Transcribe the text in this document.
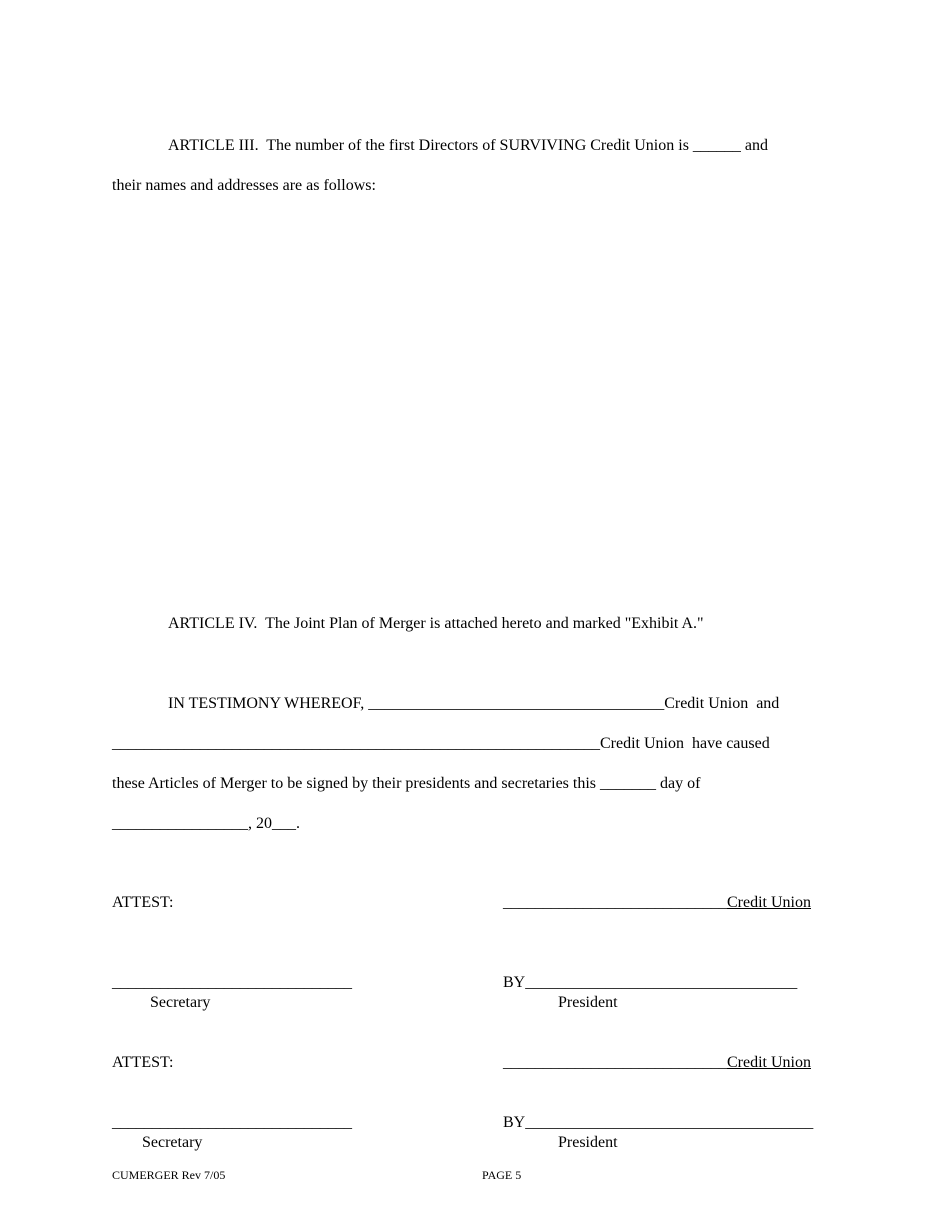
ARTICLE III.  The number of the first Directors of SURVIVING Credit Union is ______ and
their names and addresses are as follows:
ARTICLE IV.  The Joint Plan of Merger is attached hereto and marked "Exhibit A."
IN TESTIMONY WHEREOF, _____________________________________Credit Union  and
_____________________________________________________________Credit Union  have caused
these Articles of Merger to be signed by their presidents and secretaries this _______ day of
_________________, 20___.
ATTEST:	____________________________Credit Union
______________________________
Secretary
BY__________________________________
President
ATTEST:	____________________________Credit Union
______________________________
Secretary
BY____________________________________
President
CUMERGER Rev 7/05	PAGE 5
